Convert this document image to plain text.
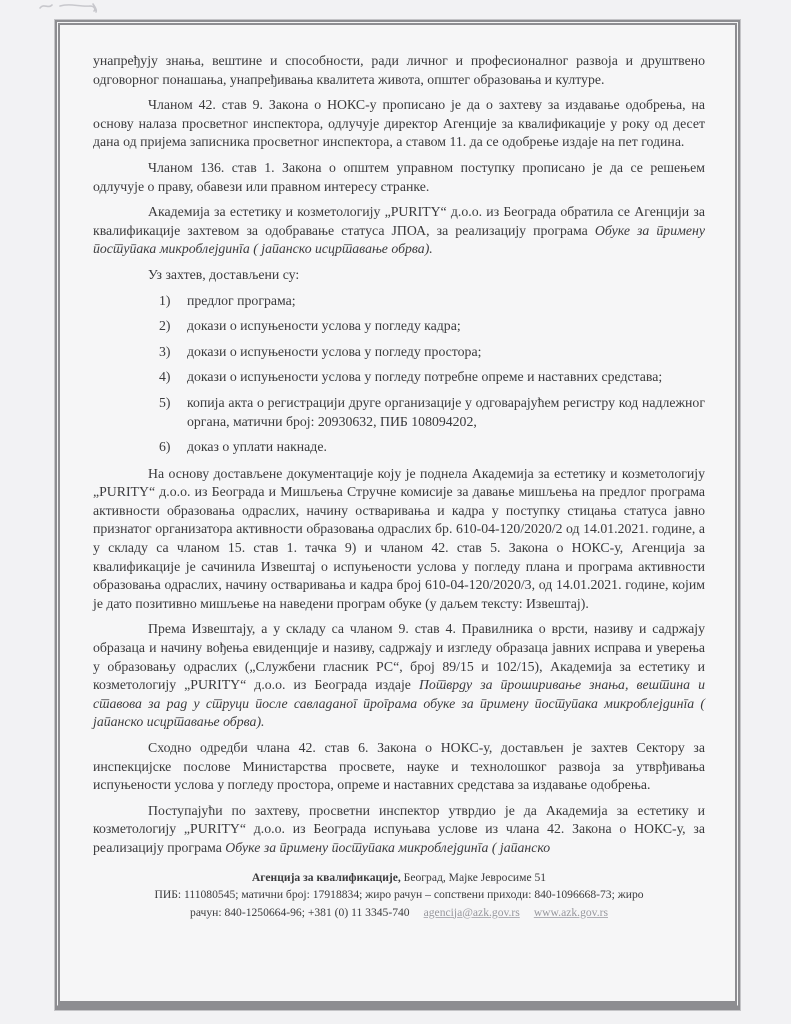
унапређују знања, вештине и способности, ради личног и професионалног развоја и друштвено одговорног понашања, унапређивања квалитета живота, општег образовања и културе.

Чланом 42. став 9. Закона о НОКС-у прописано је да о захтеву за издавање одобрења, на основу налаза просветног инспектора, одлучује директор Агенције за квалификације у року од десет дана од пријема записника просветног инспектора, а ставом 11. да се одобрење издаје на пет година.

Чланом 136. став 1. Закона о општем управном поступку прописано је да се решењем одлучује о праву, обавези или правном интересу странке.

Академија за естетику и козметологију „PURITY“ д.о.о. из Београда обратила се Агенцији за квалификације захтевом за одобравање статуса ЈПОА, за реализацију програма Обуке за примену поступака микроблејдинга ( јапанско исцртавање обрва).

Уз захтев, достављени су:

1)	предлог програма;
2)	докази о испуњености услова у погледу кадра;
3)	докази о испуњености услова у погледу простора;
4)	докази о испуњености услова у погледу потребне опреме и наставних средстава;
5)	копија акта о регистрацији друге организације у одговарајућем регистру код надлежног органа, матични број: 20930632, ПИБ 108094202,
6)	доказ о уплати накнаде.

На основу достављене документације коју је поднела Академија за естетику и козметологију „PURITY“ д.о.о. из Београда и Мишљења Стручне комисије за давање мишљења на предлог програма активности образовања одраслих, начину остваривања и кадра у поступку стицања статуса јавно признатог организатора активности образовања одраслих бр. 610-04-120/2020/2 од 14.01.2021. године, а у складу са чланом 15. став 1. тачка 9) и чланом 42. став 5. Закона о НОКС-у, Агенција за квалификације је сачинила Извештај о испуњености услова у погледу плана и програма активности образовања одраслих, начину остваривања и кадра број 610-04-120/2020/3, од 14.01.2021. године, којим је дато позитивно мишљење на наведени програм обуке (у даљем тексту: Извештај).

Према Извештају, а у складу са чланом 9. став 4. Правилника о врсти, називу и садржају образаца и начину вођења евиденције и називу, садржају и изгледу образаца јавних исправа и уверења у образовању одраслих („Службени гласник РС“, број 89/15 и 102/15), Академија за естетику и козметологију „PURITY“ д.о.о. из Београда издаје Потврду за проширивање знања, вештина и ставова за рад у струци после савладаног програма обуке за примену поступака микроблејдинга ( јапанско исцртавање обрва).

Сходно одредби члана 42. став 6. Закона о НОКС-у, достављен је захтев Сектору за инспекцијске послове Министарства просвете, науке и технолошког развоја за утврђивања испуњености услова у погледу простора, опреме и наставних средстава за издавање одобрења.

Поступајући по захтеву, просветни инспектор утврдио је да Академија за естетику и козметологију „PURITY“ д.о.о. из Београда испуњава услове из члана 42. Закона о НОКС-у, за реализацију програма Обуке за примену поступака микроблејдинга ( јапанско

Агенција за квалификације, Београд, Мајке Јевросиме 51
ПИБ: 111080545; матични број: 17918834; жиро рачун – сопствени приходи: 840-1096668-73; жиро
рачун: 840-1250664-96; +381 (0) 11 3345-740 agencija@azk.gov.rs www.azk.gov.rs
